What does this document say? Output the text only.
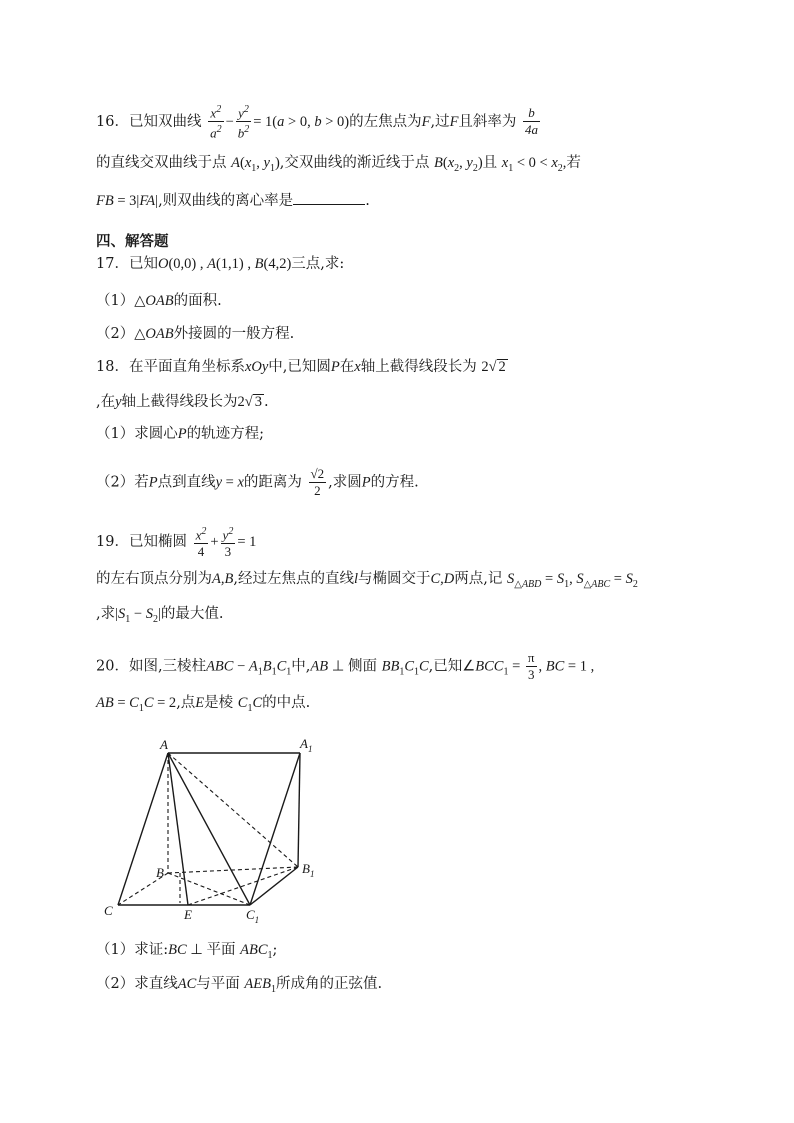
16．已知双曲线 $\frac{x^2}{a^2} - \frac{y^2}{b^2} = 1(a > 0$, b > 0)的左焦点为F,过F且斜率为 $\frac{b}{4a}$
的直线交双曲线于点 $A(x_1$, $y_1$),交双曲线的渐近线于点 $B(x_2$, $y_2$)且 $x_1 < 0 < x_2$,若
FB = 3|FA|,则双曲线的离心率是	.
四、解答题
17．已知O(0,0) , A(1,1) , B(4,2)三点,求:
（1）△OAB的面积.
（2）△OAB外接圆的一般方程.
18．在平面直角坐标系xOy中,已知圆P在x轴上截得线段长为 2√ 2
,在y轴上截得线段长为2√ 3 .
（1）求圆心P的轨迹方程;
（2）若P点到直线y = x的距离为 $\frac{√2}{2}$ ,求圆P的方程.
19．已知椭圆 $\frac{x^2}{4} + \frac{y^2}{3} = 1$
的左右顶点分别为A,B,经过左焦点的直线l与椭圆交于C,D两点,记 $S_{\triangle ABD} = S_1$, $S_{\triangle ABC} = S_2$
,求$|S_1 - S_2|$的最大值.
20．如图,三棱柱ABC − $A_1B_1C_1$中,AB ⊥ 侧面 $BB_1C_1C$,已知$\angle BCC_1 = \frac{\pi}{3}$ , BC = 1 ,
AB = $C_1C = 2$,点E是棱 $C_1C$的中点.
A	$A_1$
B	$B_1$
C	E	$C_1$
（1）求证:BC ⊥ 平面 $ABC_1$;
（2）求直线AC与平面 $AEB_1$所成角的正弦值.
